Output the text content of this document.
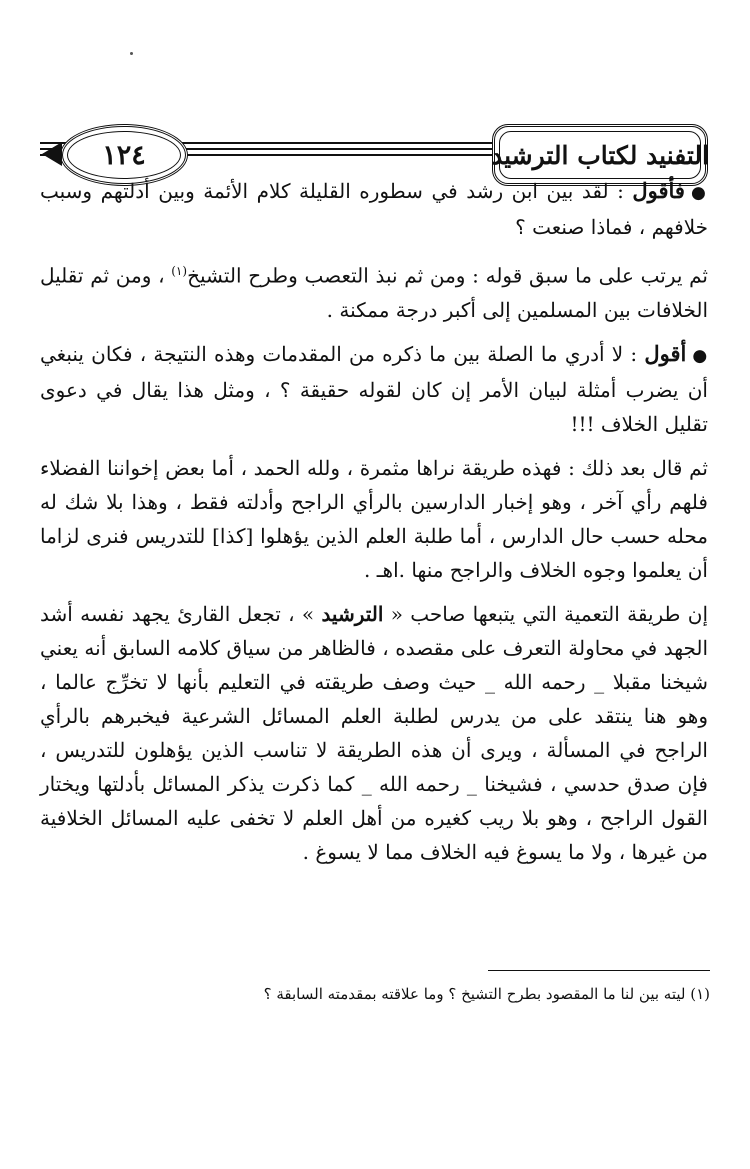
التفنيد لكتاب الترشيد
١٢٤

●فأقول : لقد بين ابن رشد في سطوره القليلة كلام الأئمة وبين أدلتهم وسبب خلافهم ، فماذا صنعت ؟

ثم يرتب على ما سبق قوله : ومن ثم نبذ التعصب وطرح التشيخ$^{(١)}$ ، ومن ثم تقليل الخلافات بين المسلمين إلى أكبر درجة ممكنة .

●أقول : لا أدري ما الصلة بين ما ذكره من المقدمات وهذه النتيجة ، فكان ينبغي أن يضرب أمثلة لبيان الأمر إن كان لقوله حقيقة ؟ ، ومثل هذا يقال في دعوى تقليل الخلاف !!!

ثم قال بعد ذلك : فهذه طريقة نراها مثمرة ، ولله الحمد ، أما بعض إخواننا الفضلاء فلهم رأي آخر ، وهو إخبار الدارسين بالرأي الراجح وأدلته فقط ، وهذا بلا شك له محله حسب حال الدارس ، أما طلبة العلم الذين يؤهلوا [كذا] للتدريس فنرى لزاما أن يعلموا وجوه الخلاف والراجح منها .اهـ .

إن طريقة التعمية التي يتبعها صاحب « الترشيد » ، تجعل القارئ يجهد نفسه أشد الجهد في محاولة التعرف على مقصده ، فالظاهر من سياق كلامه السابق أنه يعني شيخنا مقبلا _ رحمه الله _ حيث وصف طريقته في التعليم بأنها لا تخرِّج عالما ، وهو هنا ينتقد على من يدرس لطلبة العلم المسائل الشرعية فيخبرهم بالرأي الراجح في المسألة ، ويرى أن هذه الطريقة لا تناسب الذين يؤهلون للتدريس ، فإن صدق حدسي ، فشيخنا _ رحمه الله _ كما ذكرت يذكر المسائل بأدلتها ويختار القول الراجح ، وهو بلا ريب كغيره من أهل العلم لا تخفى عليه المسائل الخلافية من غيرها ، ولا ما يسوغ فيه الخلاف مما لا يسوغ .

(١) ليته بين لنا ما المقصود بطرح التشيخ ؟ وما علاقته بمقدمته السابقة ؟
